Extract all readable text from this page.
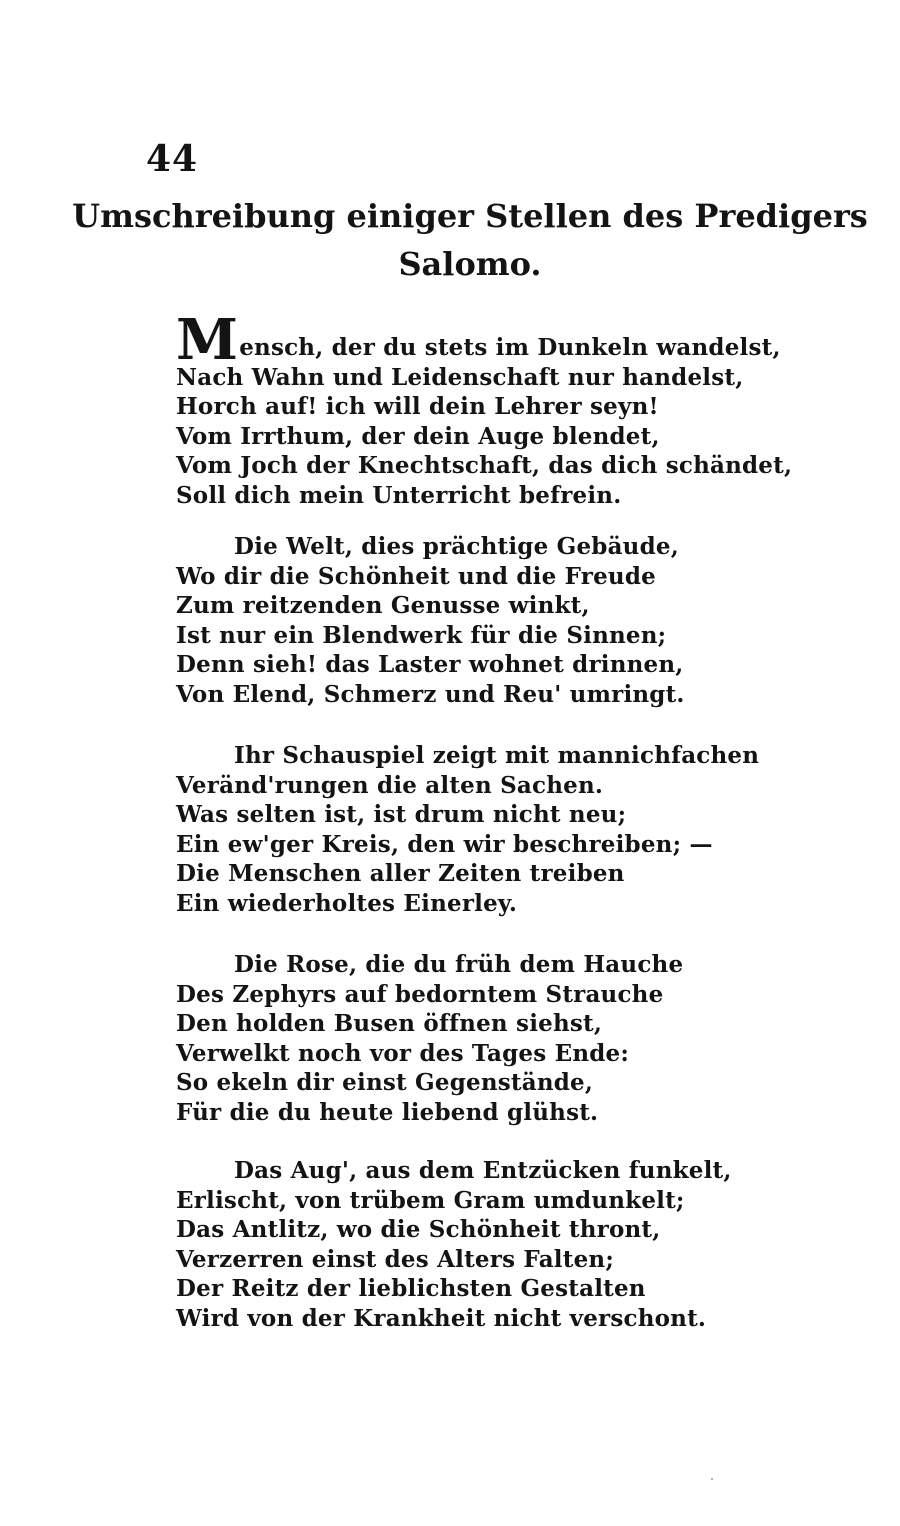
44
Umschreibung einiger Stellen des Predigers
Salomo.
Mensch, der du stets im Dunkeln wandelst,
Nach Wahn und Leidenschaft nur handelst,
Horch auf! ich will dein Lehrer seyn!
Vom Irrthum, der dein Auge blendet,
Vom Joch der Knechtschaft, das dich schändet,
Soll dich mein Unterricht befrein.
Die Welt, dies prächtige Gebäude,
Wo dir die Schönheit und die Freude
Zum reitzenden Genusse winkt,
Ist nur ein Blendwerk für die Sinnen;
Denn sieh! das Laster wohnet drinnen,
Von Elend, Schmerz und Reu' umringt.
Ihr Schauspiel zeigt mit mannichfachen
Veränd'rungen die alten Sachen.
Was selten ist, ist drum nicht neu;
Ein ew'ger Kreis, den wir beschreiben; —
Die Menschen aller Zeiten treiben
Ein wiederholtes Einerley.
Die Rose, die du früh dem Hauche
Des Zephyrs auf bedorntem Strauche
Den holden Busen öffnen siehst,
Verwelkt noch vor des Tages Ende:
So ekeln dir einst Gegenstände,
Für die du heute liebend glühst.
Das Aug', aus dem Entzücken funkelt,
Erlischt, von trübem Gram umdunkelt;
Das Antlitz, wo die Schönheit thront,
Verzerren einst des Alters Falten;
Der Reitz der lieblichsten Gestalten
Wird von der Krankheit nicht verschont.
